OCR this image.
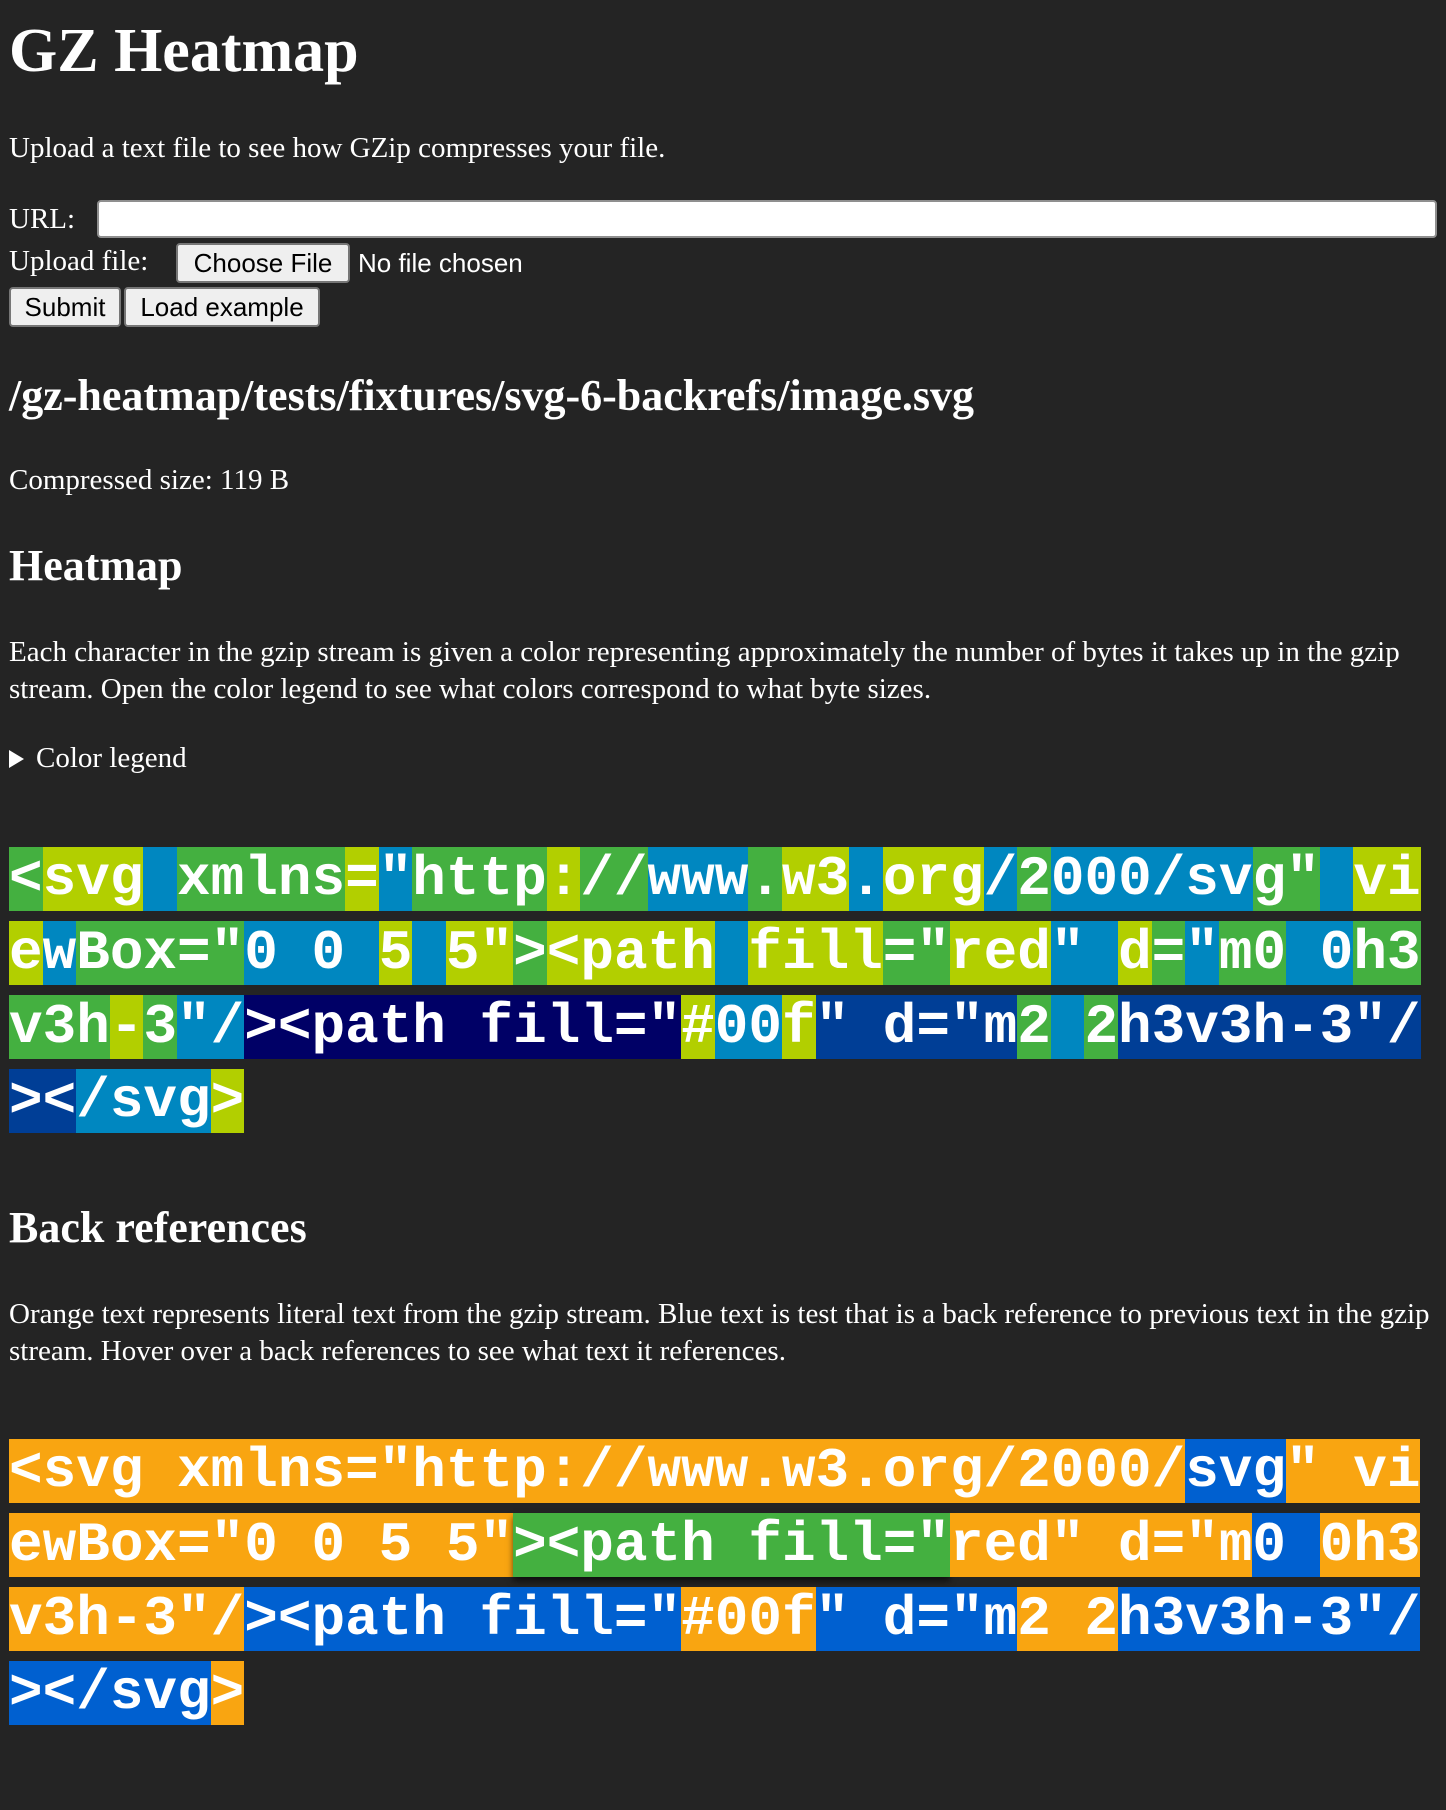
GZ Heatmap

Upload a text file to see how GZip compresses your file.

URL:
Upload file:	Choose File No file chosen
Submit	Load example
/gz-heatmap/tests/fixtures/svg-6-backrefs/image.svg

Compressed size: 119 B

Heatmap

Each character in the gzip stream is given a color representing approximately the number of bytes it takes up in the gzip stream. Open the color legend to see what colors correspond to what byte sizes.

Color legend
<svg xmlns="http://www.w3.org/2000/svg" viewBox="0 0 5 5"><path fill="red" d="m0 0h3v3h-3"/><path fill="#00f" d="m2 2h3v3h-3"/></svg>
Back references

Orange text represents literal text from the gzip stream. Blue text is test that is a back reference to previous text in the gzip stream. Hover over a back references to see what text it references.

<svg xmlns="http://www.w3.org/2000/svg" viewBox="0 0 5 5"><path fill="red" d="m0 0h3v3h-3"/><path fill="#00f" d="m2 2h3v3h-3"/></svg>
